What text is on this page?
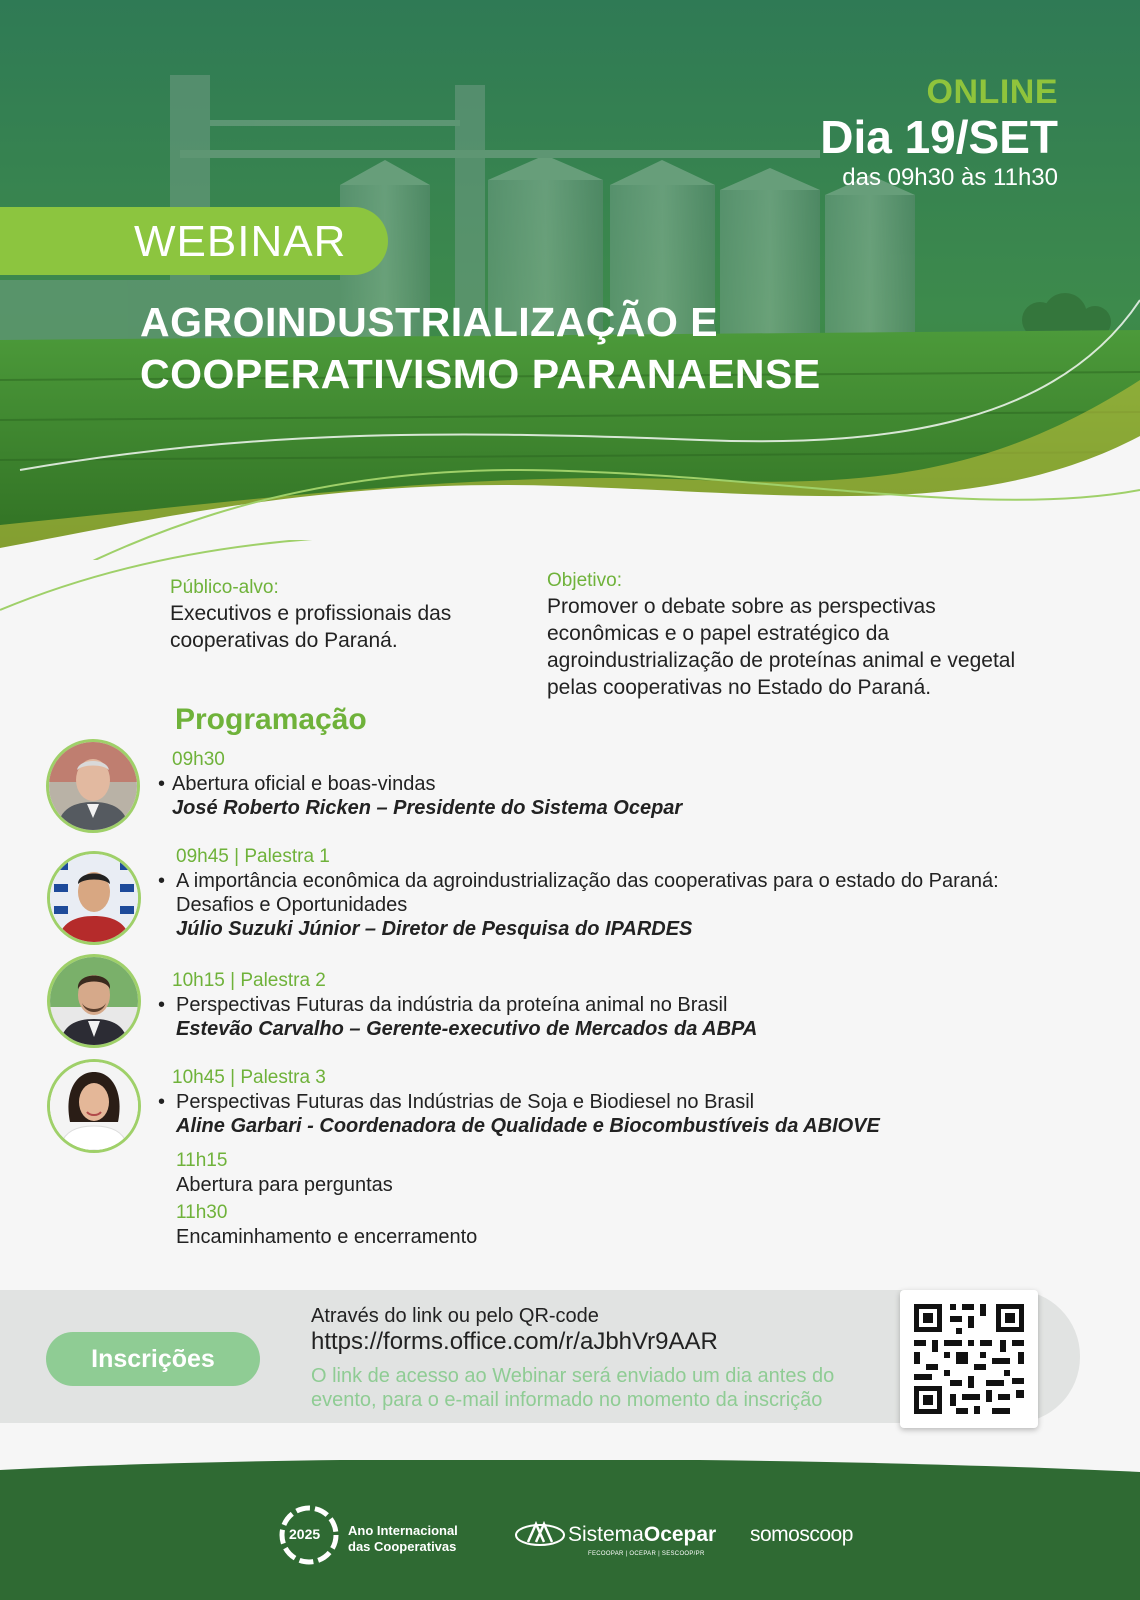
ONLINE
Dia 19/SET
das 09h30 às 11h30
WEBINAR
AGROINDUSTRIALIZAÇÃO E
COOPERATIVISMO PARANAENSE
Público-alvo:
Executivos e profissionais das cooperativas do Paraná.
Objetivo:
Promover o debate sobre as perspectivas econômicas e o papel estratégico da agroindustrialização de proteínas animal e vegetal pelas cooperativas no Estado do Paraná.
Programação
09h30
• Abertura oficial e boas-vindas
José Roberto Ricken – Presidente do Sistema Ocepar
09h45 | Palestra 1
• A importância econômica da agroindustrialização das cooperativas para o estado do Paraná:
Desafios e Oportunidades
Júlio Suzuki Júnior – Diretor de Pesquisa do IPARDES
10h15 | Palestra 2
• Perspectivas Futuras da indústria da proteína animal no Brasil
Estevão Carvalho – Gerente-executivo de Mercados da ABPA
10h45 | Palestra 3
• Perspectivas Futuras das Indústrias de Soja e Biodiesel no Brasil
Aline Garbari - Coordenadora de Qualidade e Biocombustíveis da ABIOVE
11h15
Abertura para perguntas
11h30
Encaminhamento e encerramento
Inscrições
Através do link ou pelo QR-code
https://forms.office.com/r/aJbhVr9AAR
O link de acesso ao Webinar será enviado um dia antes do evento, para o e-mail informado no momento da inscrição
2025 Ano Internacional
das Cooperativas
SistemaOcepar
FECOOPAR | OCEPAR | SESCOOP/PR
somoscoop
